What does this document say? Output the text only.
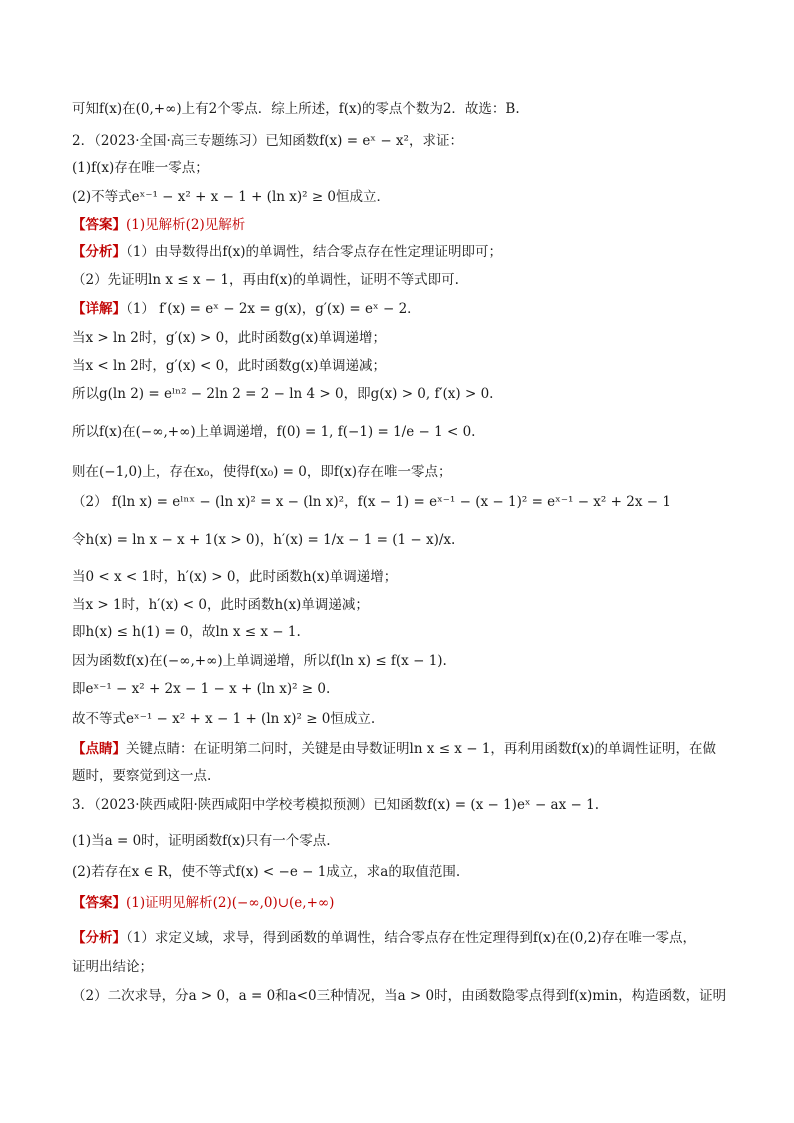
可知f(x)在(0,+∞)上有2个零点．综上所述，f(x)的零点个数为2．故选：B.
2．（2023·全国·高三专题练习）已知函数f(x) = eˣ − x²，求证：
(1)f(x)存在唯一零点；
(2)不等式eˣ⁻¹ − x² + x − 1 + (ln x)² ≥ 0恒成立．
【答案】(1)见解析(2)见解析
【分析】（1）由导数得出f(x)的单调性，结合零点存在性定理证明即可；
（2）先证明ln x ≤ x − 1，再由f(x)的单调性，证明不等式即可.
【详解】（1） f′(x) = eˣ − 2x = g(x)，g′(x) = eˣ − 2．
当x > ln 2时，g′(x) > 0，此时函数g(x)单调递增；
当x < ln 2时，g′(x) < 0，此时函数g(x)单调递减；
所以g(ln 2) = eˡⁿ² − 2ln 2 = 2 − ln 4 > 0，即g(x) > 0, f′(x) > 0.
所以f(x)在(−∞,+∞)上单调递增，f(0) = 1, f(−1) = 1/e − 1 < 0.
则在(−1,0)上，存在x₀，使得f(x₀) = 0，即f(x)存在唯一零点；
（2） f(ln x) = eˡⁿˣ − (ln x)² = x − (ln x)²，f(x − 1) = eˣ⁻¹ − (x − 1)² = eˣ⁻¹ − x² + 2x − 1
令h(x) = ln x − x + 1(x > 0)，h′(x) = 1/x − 1 = (1 − x)/x.
当0 < x < 1时，h′(x) > 0，此时函数h(x)单调递增；
当x > 1时，h′(x) < 0，此时函数h(x)单调递减；
即h(x) ≤ h(1) = 0，故ln x ≤ x − 1.
因为函数f(x)在(−∞,+∞)上单调递增，所以f(ln x) ≤ f(x − 1).
即eˣ⁻¹ − x² + 2x − 1 − x + (ln x)² ≥ 0.
故不等式eˣ⁻¹ − x² + x − 1 + (ln x)² ≥ 0恒成立.
【点睛】关键点睛：在证明第二问时，关键是由导数证明ln x ≤ x − 1，再利用函数f(x)的单调性证明，在做
题时，要察觉到这一点.
3．（2023·陕西咸阳·陕西咸阳中学校考模拟预测）已知函数f(x) = (x − 1)eˣ − ax − 1.
(1)当a = 0时，证明函数f(x)只有一个零点.
(2)若存在x ∈ R，使不等式f(x) < −e − 1成立，求a的取值范围.
【答案】(1)证明见解析(2)(−∞,0)∪(e,+∞)
【分析】（1）求定义域，求导，得到函数的单调性，结合零点存在性定理得到f(x)在(0,2)存在唯一零点，
证明出结论；
（2）二次求导，分a > 0，a = 0和a<0三种情况，当a > 0时，由函数隐零点得到f(x)min，构造函数，证明
